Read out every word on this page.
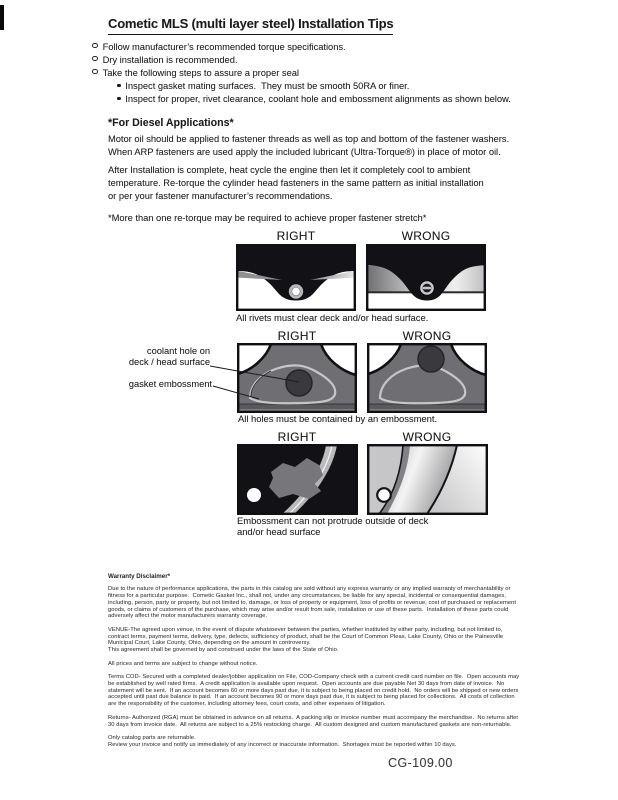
Cometic MLS (multi layer steel) Installation Tips
Follow manufacturer’s recommended torque specifications.
Dry installation is recommended.
Take the following steps to assure a proper seal
Inspect gasket mating surfaces.  They must be smooth 50RA or finer.
Inspect for proper, rivet clearance, coolant hole and embossment alignments as shown below.
*For Diesel Applications*
Motor oil should be applied to fastener threads as well as top and bottom of the fastener washers.
When ARP fasteners are used apply the included lubricant (Ultra-Torque®) in place of motor oil.
After Installation is complete, heat cycle the engine then let it completely cool to ambient
temperature. Re-torque the cylinder head fasteners in the same pattern as initial installation
or per your fastener manufacturer’s recommendations.
*More than one re-torque may be required to achieve proper fastener stretch*
RIGHT	WRONG
All rivets must clear deck and/or head surface.
RIGHT	WRONG
coolant hole on
deck / head surface
gasket embossment
All holes must be contained by an embossment.
RIGHT	WRONG
Embossment can not protrude outside of deck
and/or head surface
Warranty Disclaimer*
Due to the nature of performance applications, the parts in this catalog are sold without any express warranty or any implied warranty of merchantability or
fitness for a particular purpose.  Cometic Gasket Inc., shall not, under any circumstances, be liable for any special, incidental or consequential damages,
including, person, party or property, but not limited to, damage, or loss of property or equipment, loss of profits or revenue, cost of purchased or replacement
goods, or claims of customers of the purchase, which may arise and/or result from sale, installation or use of these parts.  Installation of these parts could
adversely affect the motor manufacturers warranty coverage.
VENUE-The agreed upon venue, in the event of dispute whatsoever between the parties, whether instituted by either party, including, but not limited to,
contract terms, payment terms, delivery, type, defects, sufficiency of product, shall be the Court of Common Pleas, Lake County, Ohio or the Painesville
Municipal Court, Lake County, Ohio, depending on the amount in controversy.
This agreement shall be governed by and construed under the laws of the State of Ohio.
All prices and terms are subject to change without notice.
Terms COD- Secured with a completed dealer/jobber application on File, COD-Company check with a current credit card number on file.  Open accounts may
be established by well rated firms.  A credit application is available upon request.  Open accounts are due payable Net 30 days from date of invoice.  No
statement will be sent.  If an account becomes 60 or more days past due, it is subject to being placed on credit hold.  No orders will be shipped or new orders
accepted until past due balance is paid.  If an account becomes 90 or more days past due, it is subject to being placed for collections.  All costs of collection
are the responsibility of the customer, including attorney fees, court costs, and other expenses of litigation.
Returns- Authorized (RGA) must be obtained in advance on all returns.  A packing slip or invoice number must accompany the merchandise.  No returns after
30 days from invoice date.  All returns are subject to a 25% restocking charge.  All custom designed and custom manufactured gaskets are non-returnable.
Only catalog parts are returnable.
Review your invoice and notify us immediately of any incorrect or inaccurate information.  Shortages must be reported within 10 days.
CG-109.00
